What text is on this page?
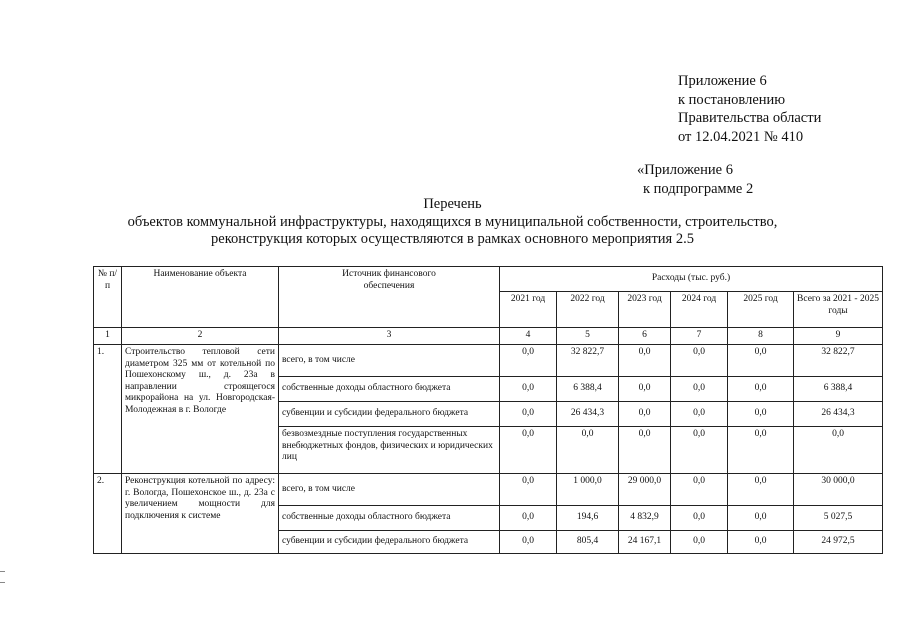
Приложение 6
к постановлению
Правительства области
от 12.04.2021 № 410
«Приложение 6
к подпрограмме 2
Перечень
объектов коммунальной инфраструктуры, находящихся в муниципальной собственности, строительство,
реконструкция которых осуществляются в рамках основного мероприятия 2.5
№ п/п	Наименование объекта	Источник финансового обеспечения	Расходы (тыс. руб.)					
			2021 год	2022 год	2023 год	2024 год	2025 год	Всего за 2021 - 2025 годы
1	2	3	4	5	6	7	8	9
1.	Строительство тепловой сети диаметром 325 мм от котельной по Пошехонскому ш., д. 23а в направлении строящегося микрорайона на ул. Новгородская-Молодежная в г. Вологде	всего, в том числе	0,0	32 822,7	0,0	0,0	0,0	32 822,7
		собственные доходы областного бюджета	0,0	6 388,4	0,0	0,0	0,0	6 388,4
		субвенции и субсидии федерального бюджета	0,0	26 434,3	0,0	0,0	0,0	26 434,3
		безвозмездные поступления государственных внебюджетных фондов, физических и юридических лиц	0,0	0,0	0,0	0,0	0,0	0,0
2.	Реконструкция котельной по адресу: г. Вологда, Пошехонское ш., д. 23а с увеличением мощности для подключения к системе	всего, в том числе	0,0	1 000,0	29 000,0	0,0	0,0	30 000,0
		собственные доходы областного бюджета	0,0	194,6	4 832,9	0,0	0,0	5 027,5
		субвенции и субсидии федерального бюджета	0,0	805,4	24 167,1	0,0	0,0	24 972,5
